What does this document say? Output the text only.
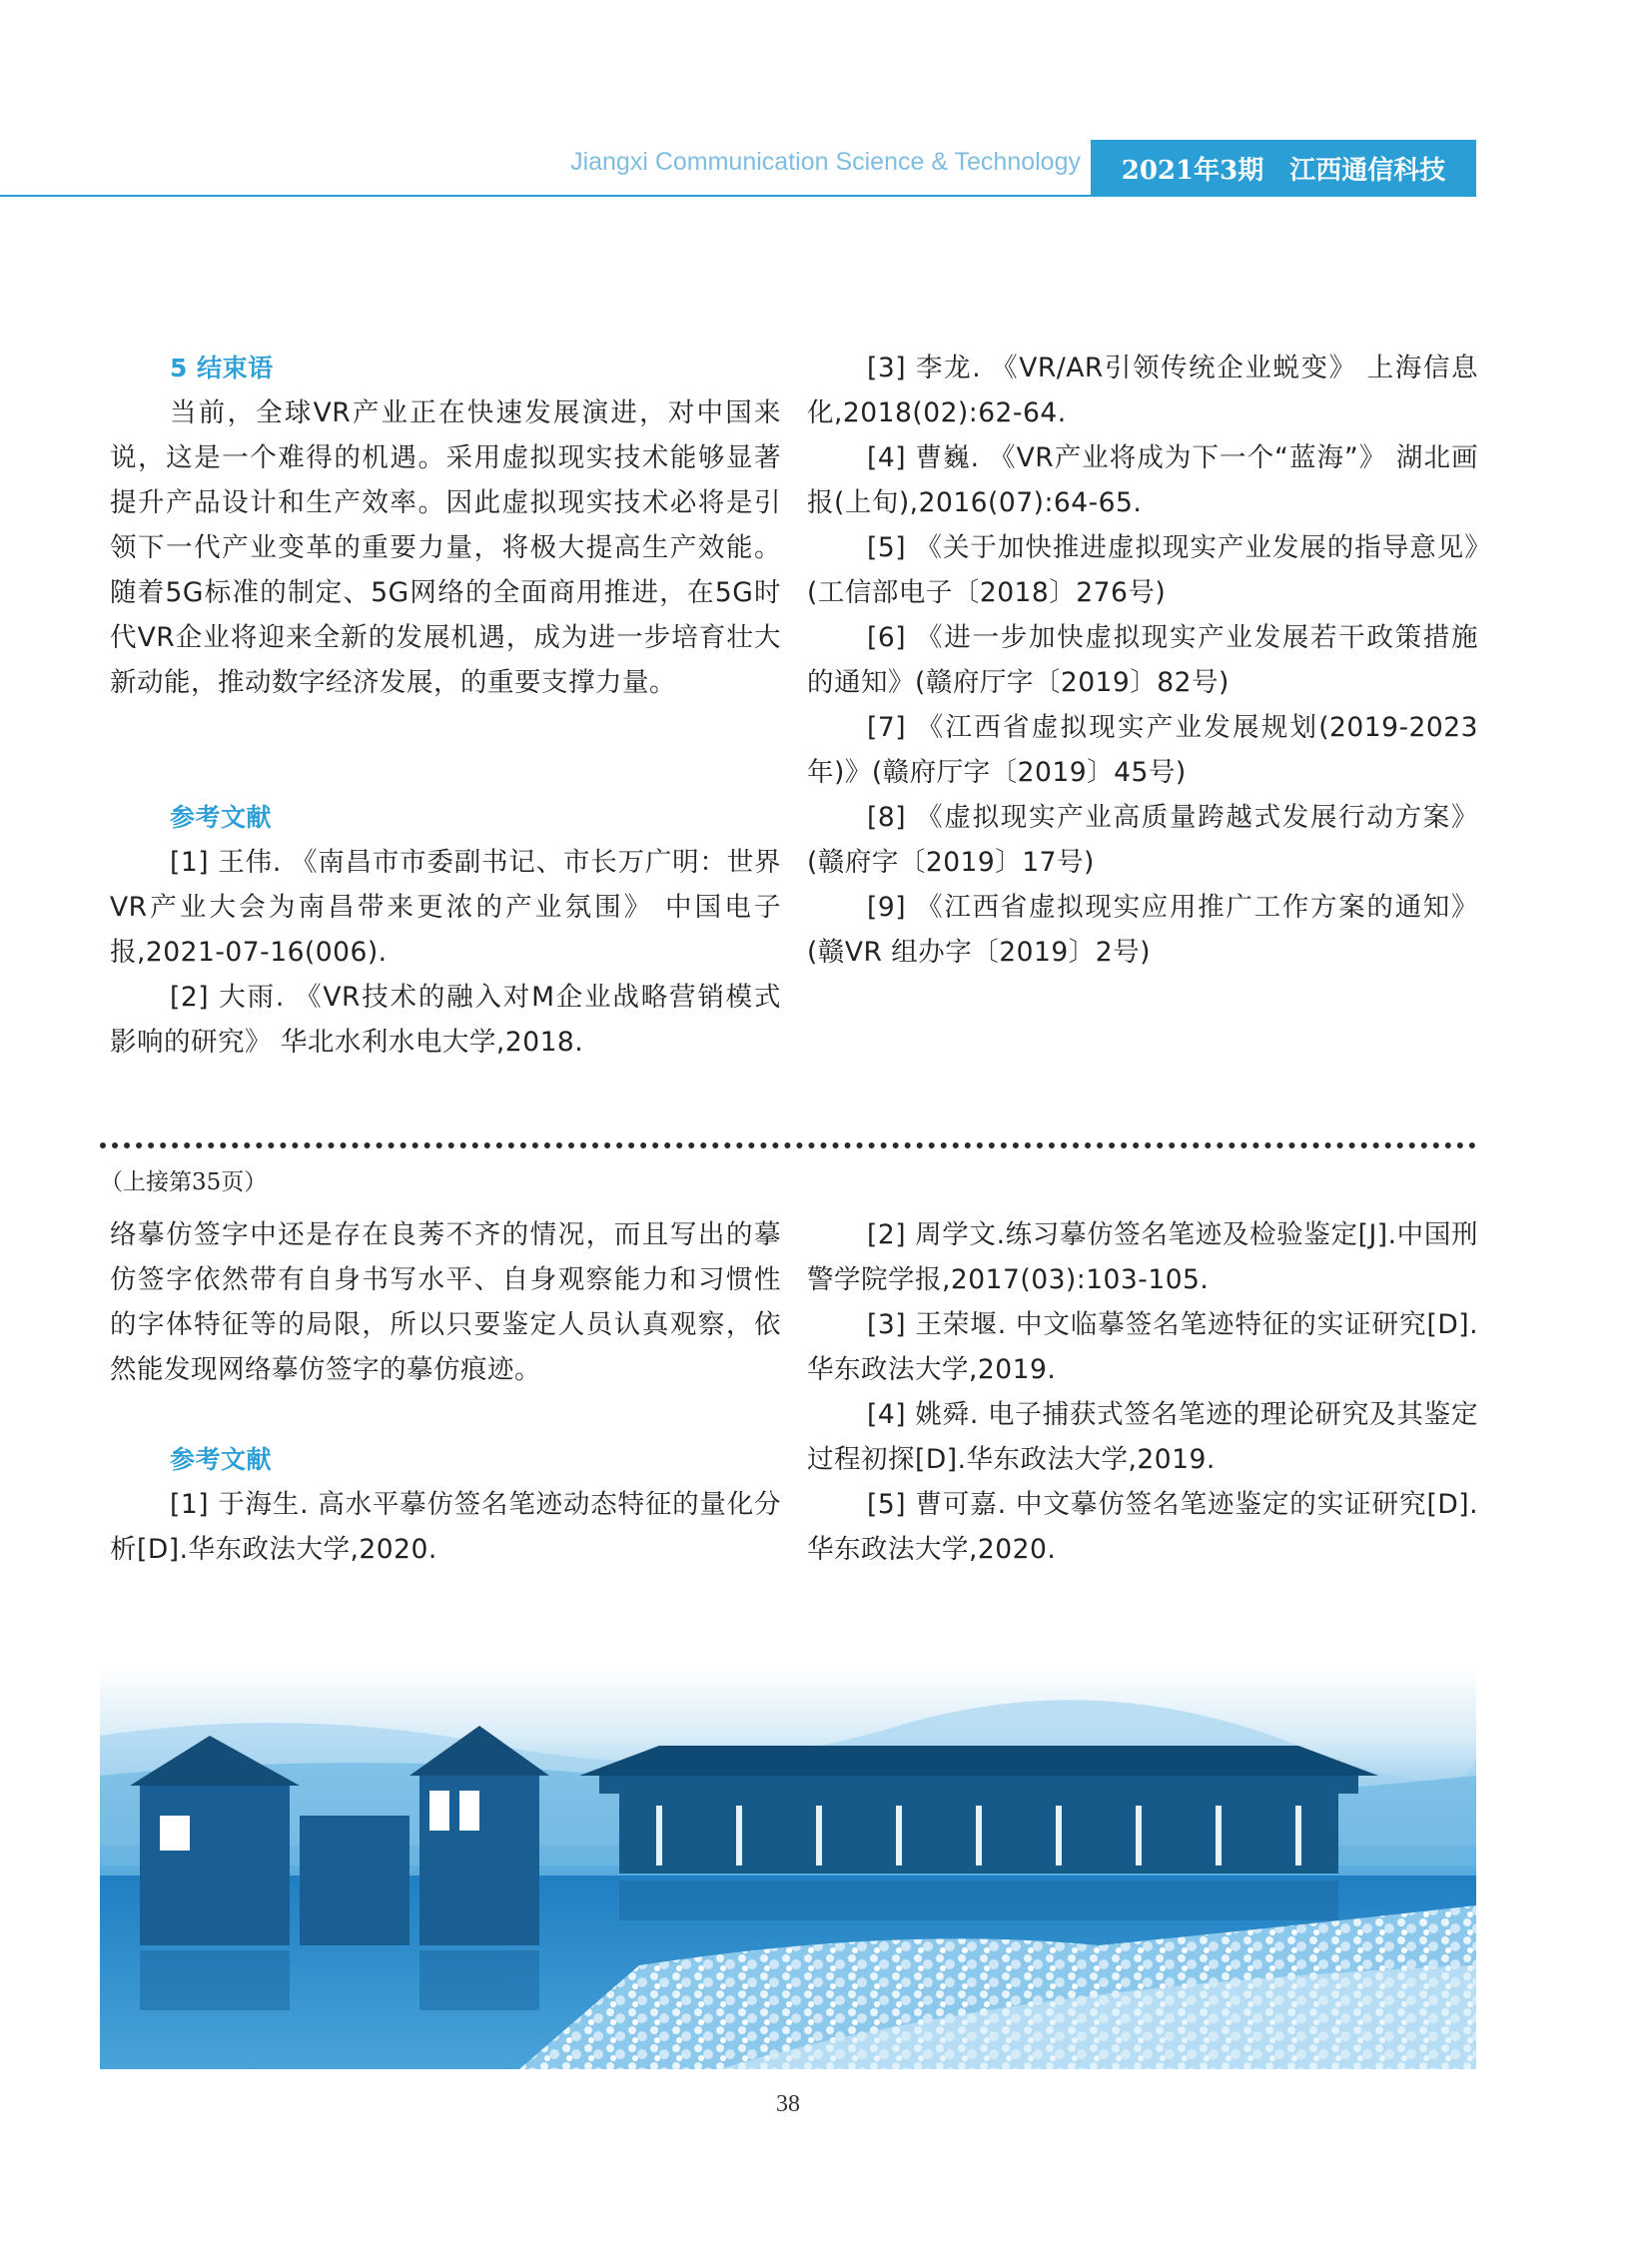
Jiangxi Communication Science & Technology 2021年3期 江西通信科技
5 结束语

当前，全球VR产业正在快速发展演进，对中国来说，这是一个难得的机遇。采用虚拟现实技术能够显著提升产品设计和生产效率。因此虚拟现实技术必将是引领下一代产业变革的重要力量，将极大提高生产效能。随着5G标准的制定、5G网络的全面商用推进，在5G时代VR企业将迎来全新的发展机遇，成为进一步培育壮大新动能，推动数字经济发展，的重要支撑力量。

参考文献
[1] 王伟. 《南昌市市委副书记、市长万广明：世界VR产业大会为南昌带来更浓的产业氛围》 中国电子报,2021-07-16(006).
[2] 大雨. 《VR技术的融入对M企业战略营销模式影响的研究》 华北水利水电大学,2018.
[3] 李龙. 《VR/AR引领传统企业蜕变》 上海信息化,2018(02):62-64.
[4] 曹巍. 《VR产业将成为下一个“蓝海”》 湖北画报(上旬),2016(07):64-65.
[5] 《关于加快推进虚拟现实产业发展的指导意见》(工信部电子〔2018〕276号)
[6] 《进一步加快虚拟现实产业发展若干政策措施的通知》(赣府厅字〔2019〕82号)
[7] 《江西省虚拟现实产业发展规划(2019-2023年)》(赣府厅字〔2019〕45号)
[8] 《虚拟现实产业高质量跨越式发展行动方案》(赣府字〔2019〕17号)
[9] 《江西省虚拟现实应用推广工作方案的通知》(赣VR 组办字〔2019〕2号)

（上接第35页）

络摹仿签字中还是存在良莠不齐的情况，而且写出的摹仿签字依然带有自身书写水平、自身观察能力和习惯性的字体特征等的局限，所以只要鉴定人员认真观察，依然能发现网络摹仿签字的摹仿痕迹。

参考文献
[1] 于海生. 高水平摹仿签名笔迹动态特征的量化分析[D].华东政法大学,2020.
[2] 周学文.练习摹仿签名笔迹及检验鉴定[J].中国刑警学院学报,2017(03):103-105.
[3] 王荣堰. 中文临摹签名笔迹特征的实证研究[D].华东政法大学,2019.
[4] 姚舜. 电子捕获式签名笔迹的理论研究及其鉴定过程初探[D].华东政法大学,2019.
[5] 曹可嘉. 中文摹仿签名笔迹鉴定的实证研究[D].华东政法大学,2020.

38
